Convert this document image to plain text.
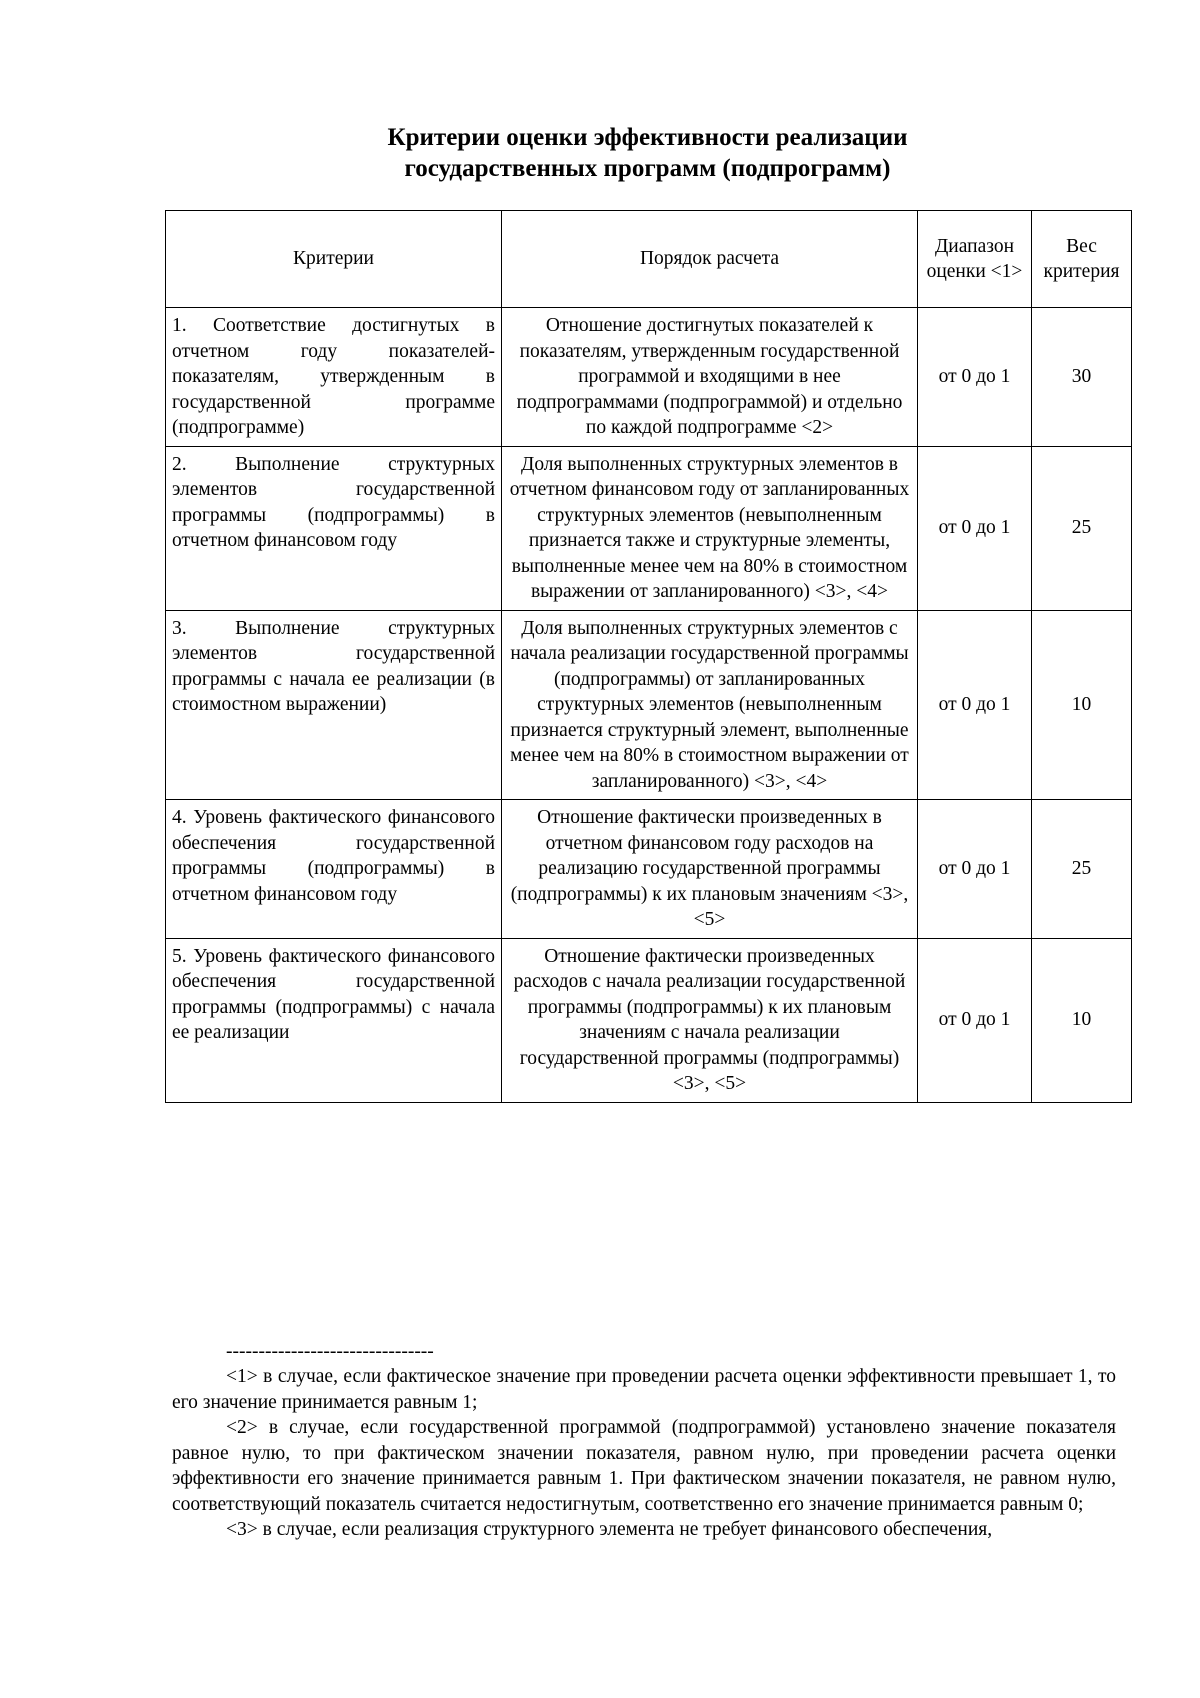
Критерии оценки эффективности реализации
государственных программ (подпрограмм)
Критерии	Порядок расчета	Диапазон оценки <1>	Вес критерия
1. Соответствие достигнутых в отчетном году показателей-показателям, утвержденным в государственной программе (подпрограмме)	Отношение достигнутых показателей к показателям, утвержденным государственной программой и входящими в нее подпрограммами (подпрограммой) и отдельно по каждой подпрограмме <2>	от 0 до 1	30
2. Выполнение структурных элементов государственной программы (подпрограммы) в отчетном финансовом году	Доля выполненных структурных элементов в отчетном финансовом году от запланированных структурных элементов (невыполненным признается также и структурные элементы, выполненные менее чем на 80% в стоимостном выражении от запланированного) <3>, <4>	от 0 до 1	25
3. Выполнение структурных элементов государственной программы с начала ее реализации (в стоимостном выражении)	Доля выполненных структурных элементов с начала реализации государственной программы (подпрограммы) от запланированных структурных элементов (невыполненным признается структурный элемент, выполненные менее чем на 80% в стоимостном выражении от запланированного) <3>, <4>	от 0 до 1	10
4. Уровень фактического финансового обеспечения государственной программы (подпрограммы) в отчетном финансовом году	Отношение фактически произведенных в отчетном финансовом году расходов на реализацию государственной программы (подпрограммы) к их плановым значениям <3>, <5>	от 0 до 1	25
5. Уровень фактического финансового обеспечения государственной программы (подпрограммы) с начала ее реализации	Отношение фактически произведенных расходов с начала реализации государственной программы (подпрограммы) к их плановым значениям с начала реализации государственной программы (подпрограммы) <3>, <5>	от 0 до 1	10
--------------------------------

<1> в случае, если фактическое значение при проведении расчета оценки эффективности превышает 1, то его значение принимается равным 1;

<2> в случае, если государственной программой (подпрограммой) установлено значение показателя равное нулю, то при фактическом значении показателя, равном нулю, при проведении расчета оценки эффективности его значение принимается равным 1. При фактическом значении показателя, не равном нулю, соответствующий показатель считается недостигнутым, соответственно его значение принимается равным 0;

<3> в случае, если реализация структурного элемента не требует финансового обеспечения,
